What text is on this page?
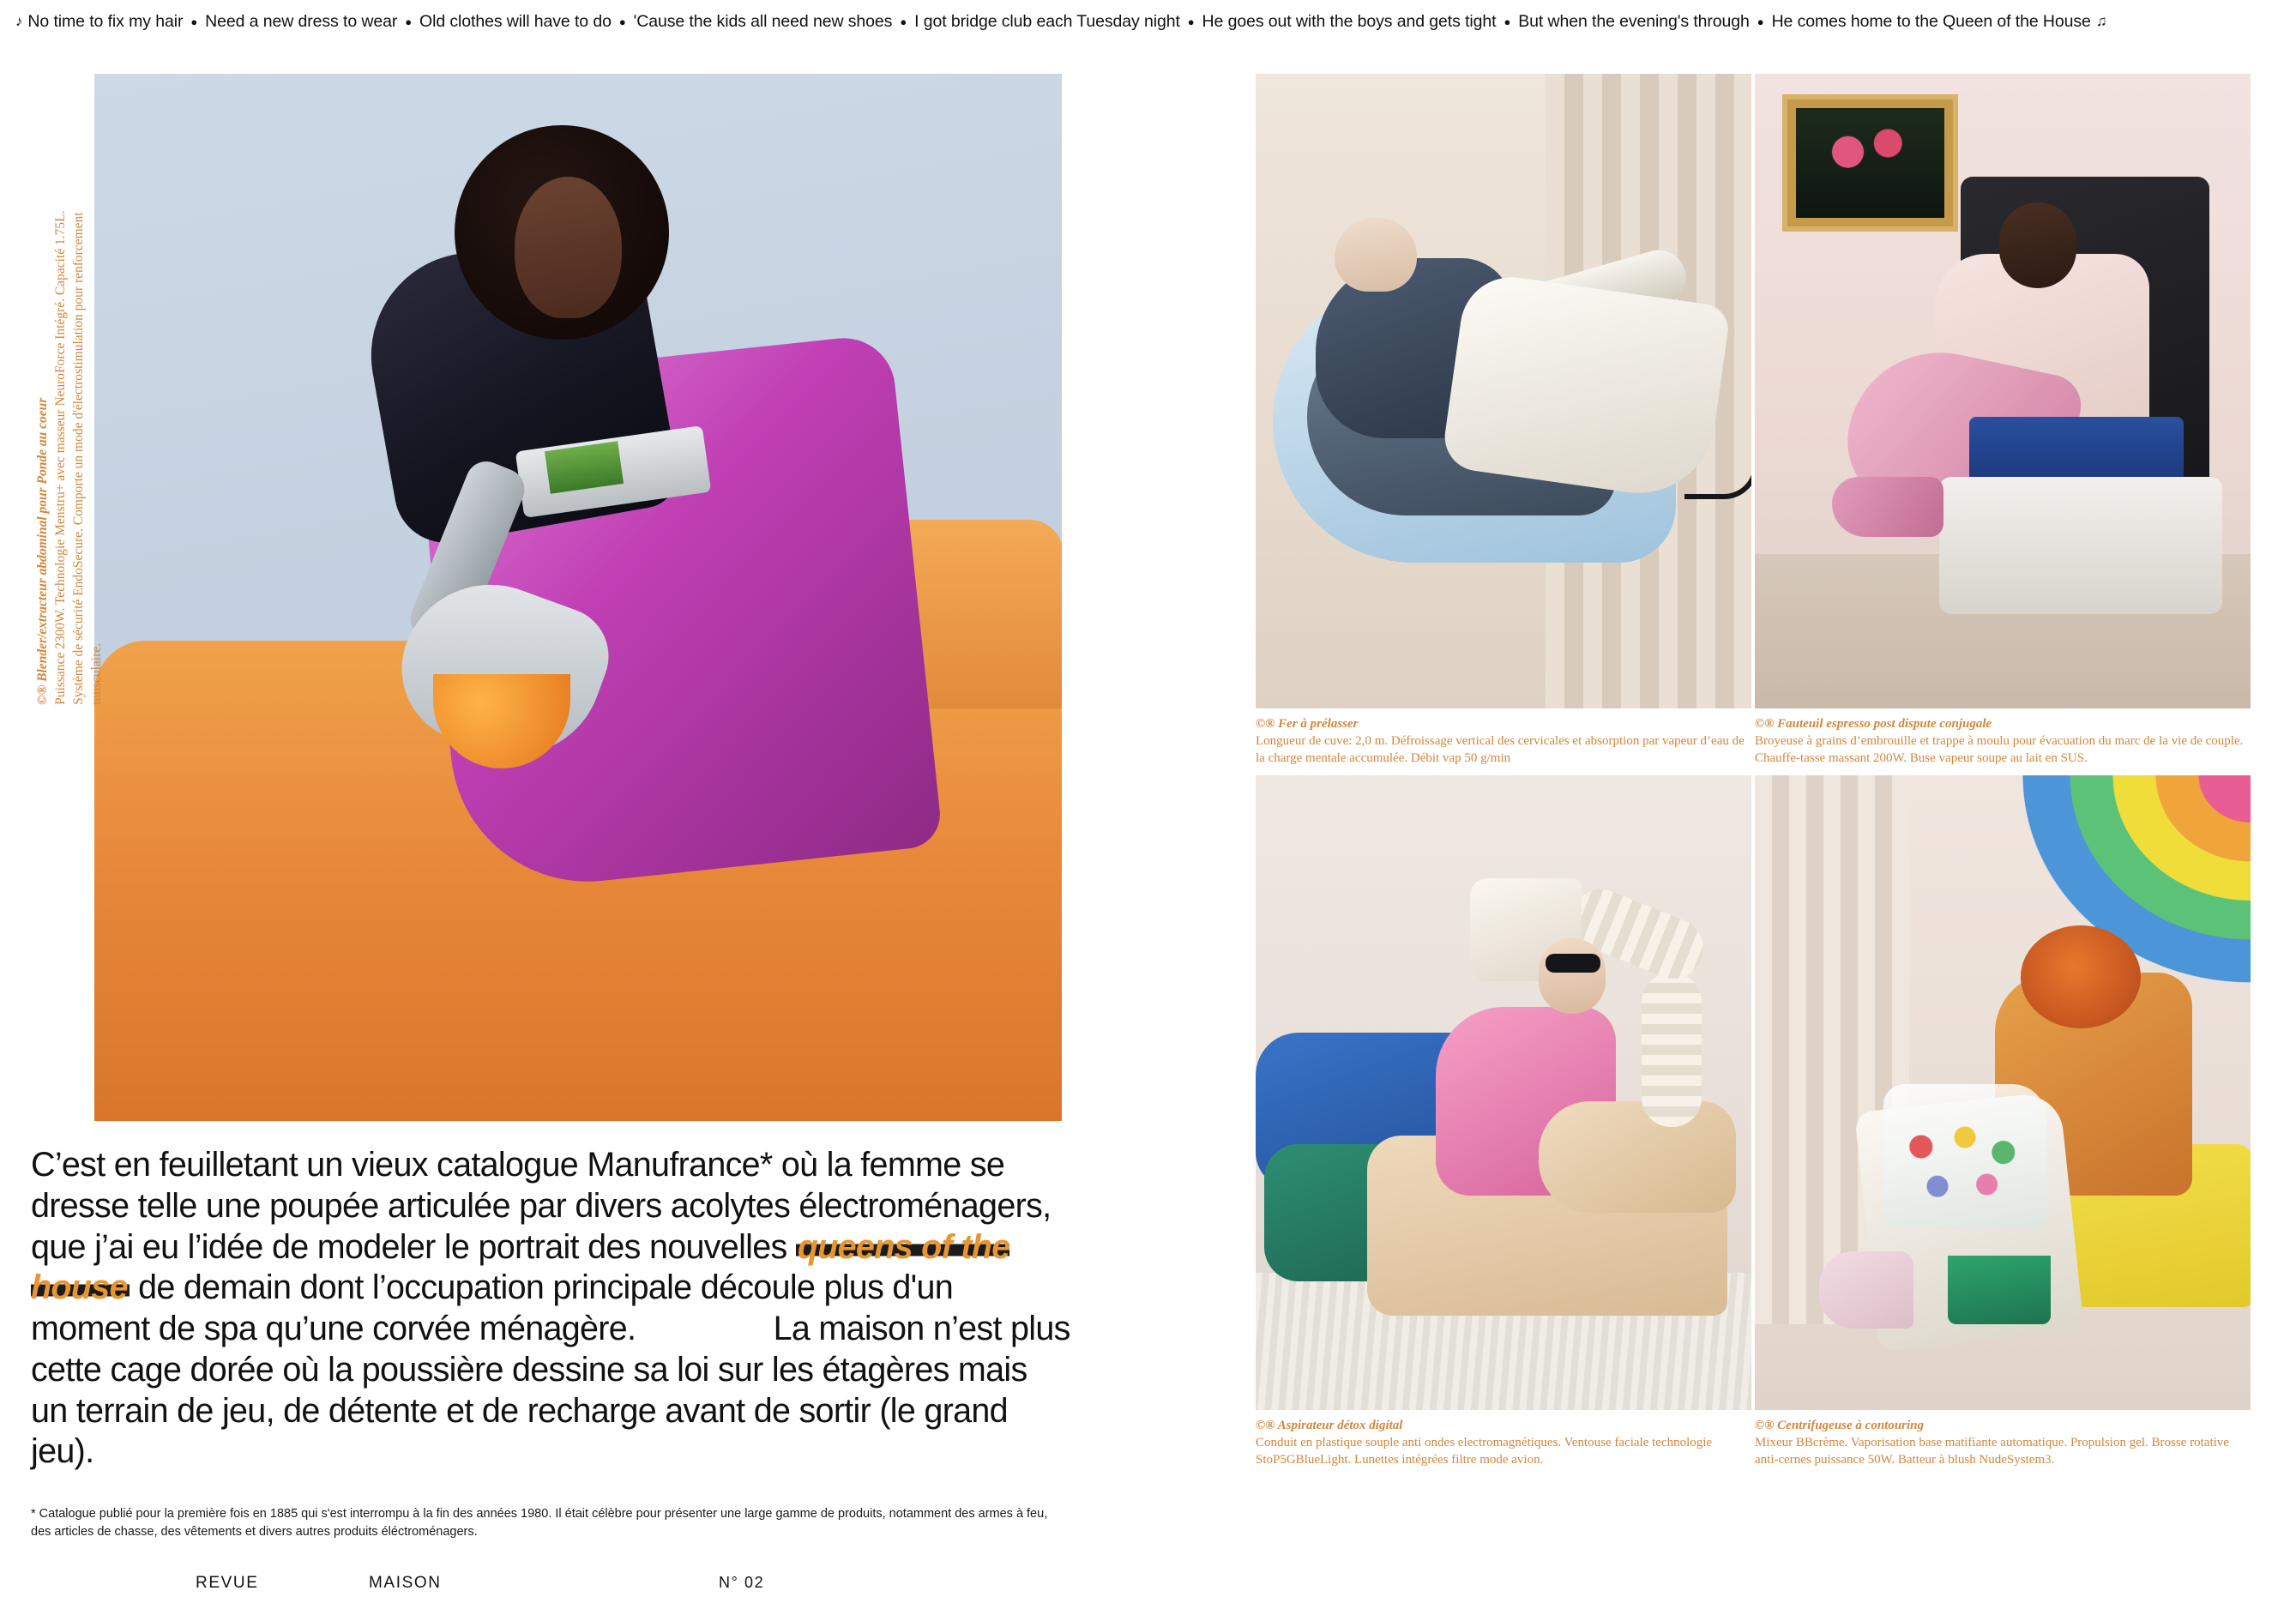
♪ No time to fix my hair ● Need a new dress to wear ● Old clothes will have to do ● 'Cause the kids all need new shoes ● I got bridge club each Tuesday night ● He goes out with the boys and gets tight ● But when the evening's through ● He comes home to the Queen of the House ♫
©® Blender/extracteur abdominal pour Ponde au coeur Puissance 2300W. Technologie Menstru+ avec masseur NeuroForce Intégré. Capacité 1.75L. Système de sécurité EndoSecure. Comporte un mode d'électrostimulation pour renforcement musculaire.
C’est en feuilletant un vieux catalogue Manufrance* où la femme se dresse telle une poupée articulée par divers acolytes électroménagers, que j’ai eu l’idée de modeler le portrait des nouvelles queens of the house de demain dont l’occupation principale découle plus d'un moment de spa qu’une corvée ménagère.	La maison n’est plus cette cage dorée où la poussière dessine sa loi sur les étagères mais un terrain de jeu, de détente et de recharge avant de sortir (le grand jeu).
* Catalogue publié pour la première fois en 1885 qui s'est interrompu à la fin des années 1980. Il était célèbre pour présenter une large gamme de produits, notamment des armes à feu, des articles de chasse, des vêtements et divers autres produits éléctroménagers.
REVUE	MAISON	N° 02
©® Fer à prélasser
Longueur de cuve: 2,0 m. Défroissage vertical des cervicales et absorption par vapeur d’eau de la charge mentale accumulée. Débit vap 50 g/min
©® Fauteuil espresso post dispute conjugale
Broyeuse à grains d’embrouille et trappe à moulu pour évacuation du marc de la vie de couple. Chauffe-tasse massant 200W. Buse vapeur soupe au lait en SUS.
©® Aspirateur détox digital
Conduit en plastique souple anti ondes electromagnétiques. Ventouse faciale technologie StoP5GBlueLight. Lunettes intégrées filtre mode avion.
©® Centrifugeuse à contouring
Mixeur BBcrème. Vaporisation base matifiante automatique. Propulsion gel. Brosse rotative anti-cernes puissance 50W. Batteur à blush NudeSystem3.
